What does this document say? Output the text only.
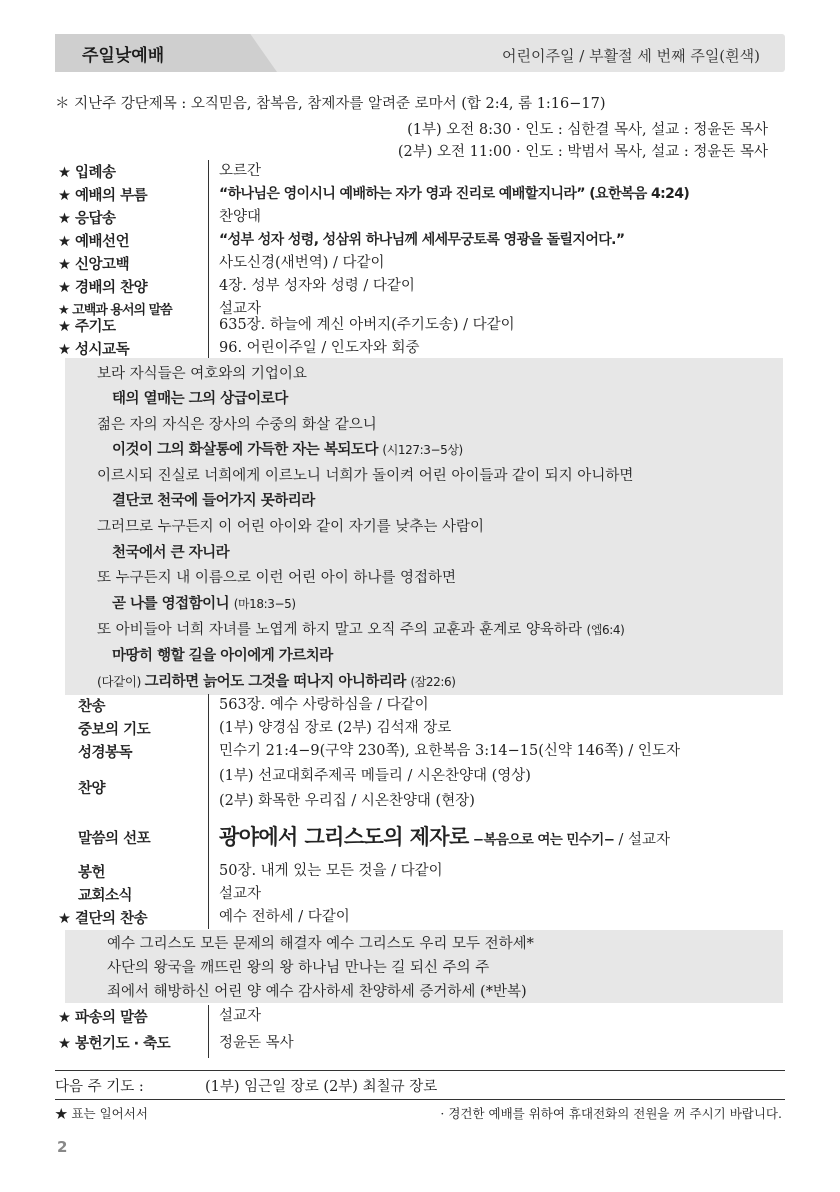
주일낮예배	어린이주일 / 부활절 세 번째 주일(흰색)
＊ 지난주 강단제목 : 오직믿음, 참복음, 참제자를 알려준 로마서 (합 2:4, 롬 1:16−17)
(1부) 오전 8:30 · 인도 : 심한결 목사, 설교 : 정윤돈 목사
(2부) 오전 11:00 · 인도 : 박범서 목사, 설교 : 정윤돈 목사
★ 입례송	오르간
★ 예배의 부름	“하나님은 영이시니 예배하는 자가 영과 진리로 예배할지니라” (요한복음 4:24)
★ 응답송	찬양대
★ 예배선언	“성부 성자 성령, 성삼위 하나님께 세세무궁토록 영광을 돌릴지어다.”
★ 신앙고백	사도신경(새번역) / 다같이
★ 경배의 찬양	4장. 성부 성자와 성령 / 다같이
★ 고백과 용서의 말씀	설교자
★ 주기도	635장. 하늘에 계신 아버지(주기도송) / 다같이
★ 성시교독	96. 어린이주일 / 인도자와 회중
보라 자식들은 여호와의 기업이요
태의 열매는 그의 상급이로다
젊은 자의 자식은 장사의 수중의 화살 같으니
이것이 그의 화살통에 가득한 자는 복되도다 (시127:3−5상)
이르시되 진실로 너희에게 이르노니 너희가 돌이켜 어린 아이들과 같이 되지 아니하면
결단코 천국에 들어가지 못하리라
그러므로 누구든지 이 어린 아이와 같이 자기를 낮추는 사람이
천국에서 큰 자니라
또 누구든지 내 이름으로 이런 어린 아이 하나를 영접하면
곧 나를 영접함이니 (마18:3−5)
또 아비들아 너희 자녀를 노엽게 하지 말고 오직 주의 교훈과 훈계로 양육하라 (엡6:4)
마땅히 행할 길을 아이에게 가르치라
(다같이) 그리하면 늙어도 그것을 떠나지 아니하리라 (잠22:6)
찬송	563장. 예수 사랑하심을 / 다같이
중보의 기도	(1부) 양경심 장로 (2부) 김석재 장로
성경봉독	민수기 21:4−9(구약 230쪽), 요한복음 3:14−15(신약 146쪽) / 인도자
찬양
(1부) 선교대회주제곡 메들리 / 시온찬양대 (영상)
(2부) 화목한 우리집 / 시온찬양대 (현장)
말씀의 선포	광야에서 그리스도의 제자로 −복음으로 여는 민수기− / 설교자
봉헌	50장. 내게 있는 모든 것을 / 다같이
교회소식	설교자
★ 결단의 찬송	예수 전하세 / 다같이
예수 그리스도 모든 문제의 해결자 예수 그리스도 우리 모두 전하세*
사단의 왕국을 깨뜨린 왕의 왕 하나님 만나는 길 되신 주의 주
죄에서 해방하신 어린 양 예수 감사하세 찬양하세 증거하세 (*반복)
★ 파송의 말씀	설교자
★ 봉헌기도 · 축도	정윤돈 목사
다음 주 기도 :	(1부) 임근일 장로 (2부) 최칠규 장로
★ 표는 일어서서	· 경건한 예배를 위하여 휴대전화의 전원을 꺼 주시기 바랍니다.
2
